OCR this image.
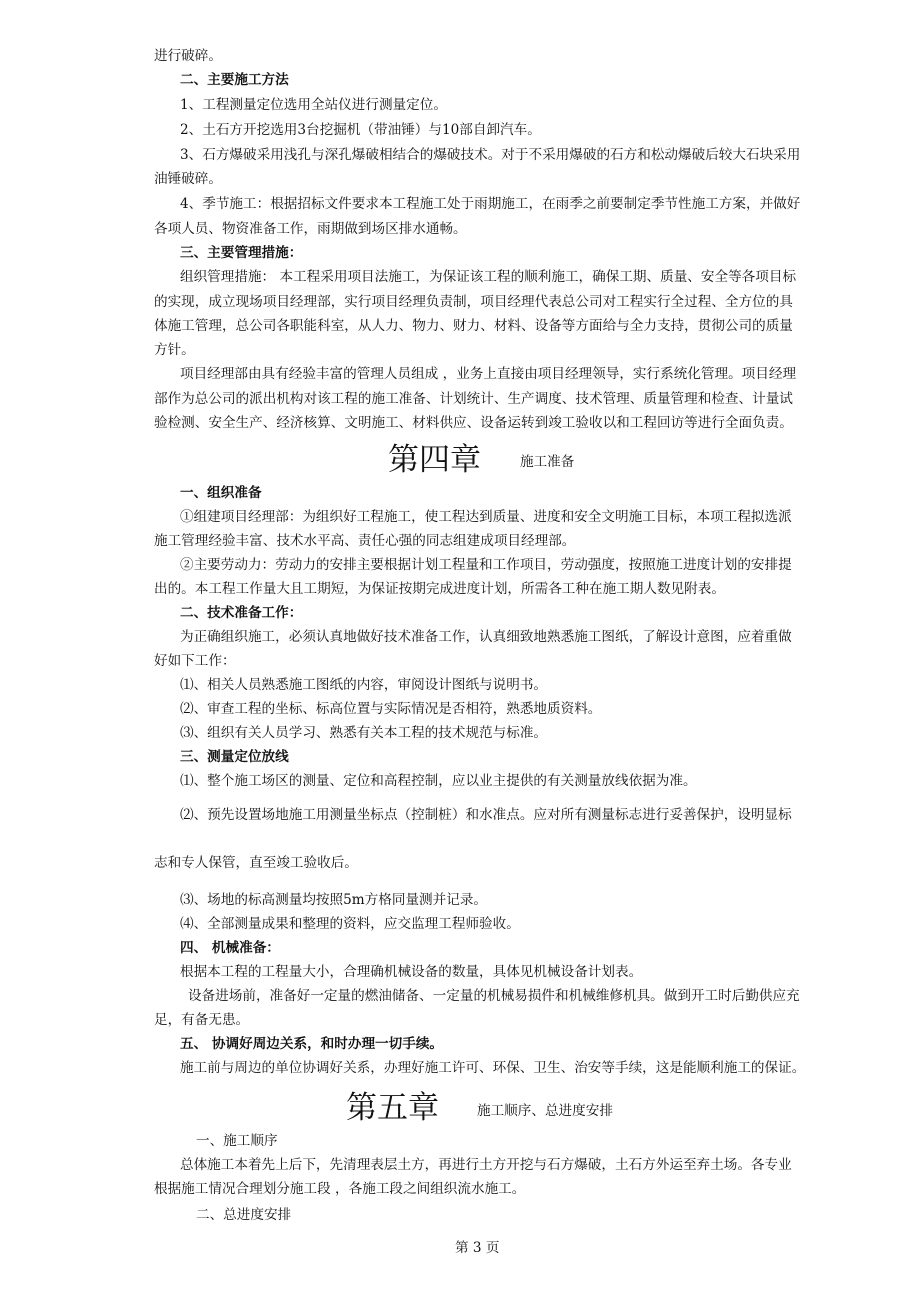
进行破碎。
二、主要施工方法
1、工程测量定位选用全站仪进行测量定位。
2、土石方开挖选用3台挖掘机（带油锤）与10部自卸汽车。
3、石方爆破采用浅孔与深孔爆破相结合的爆破技术。对于不采用爆破的石方和松动爆破后较大石块采用
油锤破碎。
4、季节施工：根据招标文件要求本工程施工处于雨期施工，在雨季之前要制定季节性施工方案，并做好
各项人员、物资准备工作，雨期做到场区排水通畅。
三、主要管理措施：
组织管理措施： 本工程采用项目法施工，为保证该工程的顺利施工，确保工期、质量、安全等各项目标
的实现，成立现场项目经理部，实行项目经理负责制，项目经理代表总公司对工程实行全过程、全方位的具
体施工管理，总公司各职能科室，从人力、物力、财力、材料、设备等方面给与全力支持，贯彻公司的质量
方针。
项目经理部由具有经验丰富的管理人员组成 ，业务上直接由项目经理领导，实行系统化管理。项目经理
部作为总公司的派出机构对该工程的施工准备、计划统计、生产调度、技术管理、质量管理和检查、计量试
验检测、安全生产、经济核算、文明施工、材料供应、设备运转到竣工验收以和工程回访等进行全面负责。
第四章	施工准备
一、组织准备
①组建项目经理部：为组织好工程施工，使工程达到质量、进度和安全文明施工目标，本项工程拟选派
施工管理经验丰富、技术水平高、责任心强的同志组建成项目经理部。
②主要劳动力：劳动力的安排主要根据计划工程量和工作项目，劳动强度，按照施工进度计划的安排提
出的。本工程工作量大且工期短，为保证按期完成进度计划，所需各工种在施工期人数见附表。
二、技术准备工作：
为正确组织施工，必须认真地做好技术准备工作，认真细致地熟悉施工图纸，了解设计意图，应着重做
好如下工作：
⑴、相关人员熟悉施工图纸的内容，审阅设计图纸与说明书。
⑵、审查工程的坐标、标高位置与实际情况是否相符，熟悉地质资料。
⑶、组织有关人员学习、熟悉有关本工程的技术规范与标准。
三、测量定位放线
⑴、整个施工场区的测量、定位和高程控制，应以业主提供的有关测量放线依据为准。
⑵、预先设置场地施工用测量坐标点（控制桩）和水准点。应对所有测量标志进行妥善保护，设明显标
志和专人保管，直至竣工验收后。
⑶、场地的标高测量均按照5m方格同量测并记录。
⑷、全部测量成果和整理的资料，应交监理工程师验收。
四、 机械准备：
根据本工程的工程量大小，合理确机械设备的数量，具体见机械设备计划表。
设备进场前，准备好一定量的燃油储备、一定量的机械易损件和机械维修机具。做到开工时后勤供应充
足，有备无患。
五、 协调好周边关系，和时办理一切手续。
施工前与周边的单位协调好关系，办理好施工许可、环保、卫生、治安等手续，这是能顺利施工的保证。
第五章	施工顺序、总进度安排
一、施工顺序
总体施工本着先上后下，先清理表层土方，再进行土方开挖与石方爆破，土石方外运至弃土场。各专业
根据施工情况合理划分施工段 ，各施工段之间组织流水施工。
二、总进度安排
第 3 页
